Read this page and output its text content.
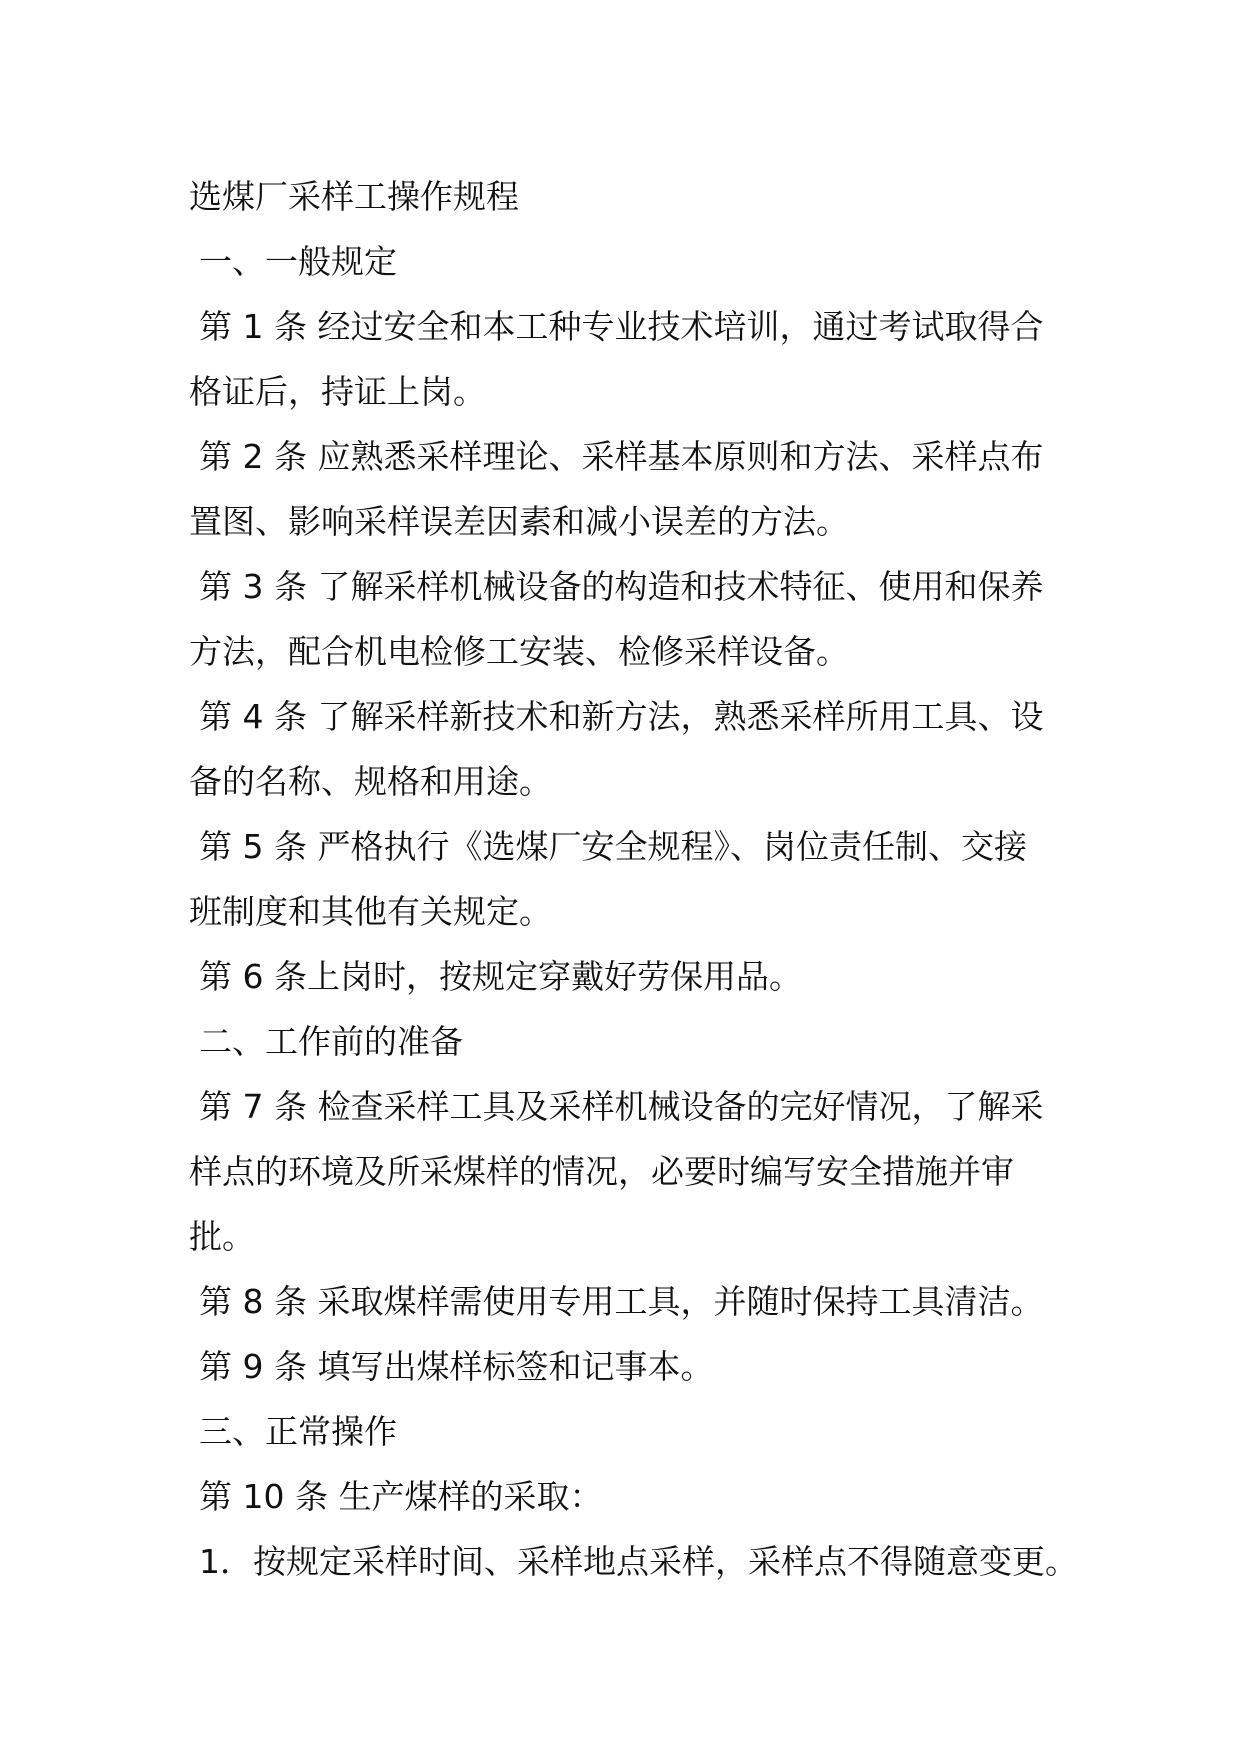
选煤厂采样工操作规程
一、一般规定
第 1 条 经过安全和本工种专业技术培训，通过考试取得合
格证后，持证上岗。
第 2 条 应熟悉采样理论、采样基本原则和方法、采样点布
置图、影响采样误差因素和减小误差的方法。
第 3 条 了解采样机械设备的构造和技术特征、使用和保养
方法，配合机电检修工安装、检修采样设备。
第 4 条 了解采样新技术和新方法，熟悉采样所用工具、设
备的名称、规格和用途。
第 5 条 严格执行《选煤厂安全规程》、岗位责任制、交接
班制度和其他有关规定。
第 6 条上岗时，按规定穿戴好劳保用品。
二、工作前的准备
第 7 条 检查采样工具及采样机械设备的完好情况，了解采
样点的环境及所采煤样的情况，必要时编写安全措施并审
批。
第 8 条 采取煤样需使用专用工具，并随时保持工具清洁。
第 9 条 填写出煤样标签和记事本。
三、正常操作
第 10 条 生产煤样的采取：
1．按规定采样时间、采样地点采样，采样点不得随意变更。
